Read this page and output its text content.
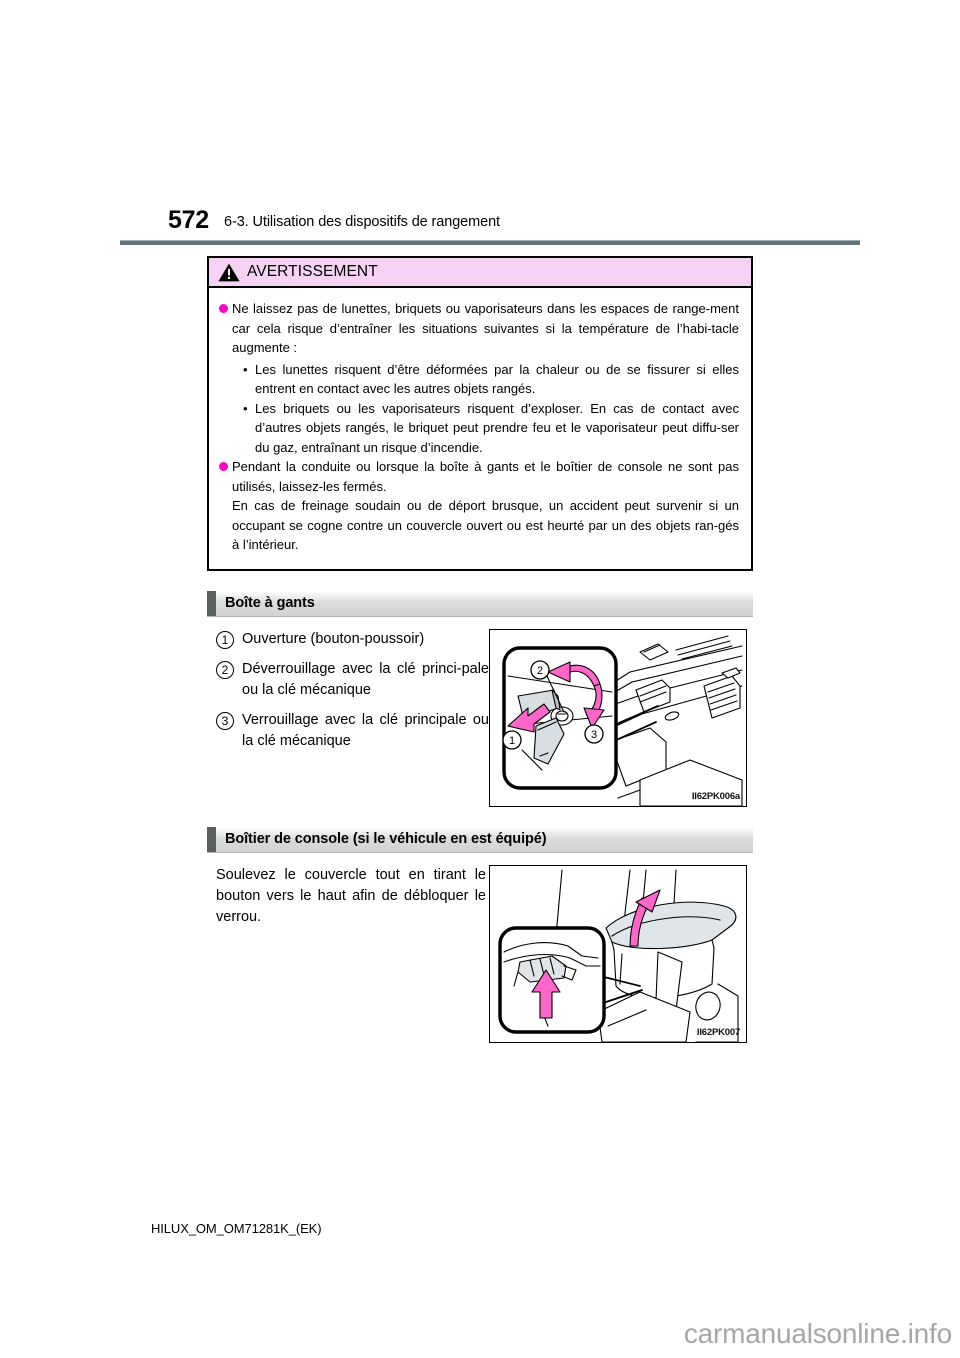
572 6-3. Utilisation des dispositifs de rangement
AVERTISSEMENT
Ne laissez pas de lunettes, briquets ou vaporisateurs dans les espaces de range-ment car cela risque d’entraîner les situations suivantes si la température de l’habi-tacle augmente :
• Les lunettes risquent d’être déformées par la chaleur ou de se fissurer si elles entrent en contact avec les autres objets rangés.
• Les briquets ou les vaporisateurs risquent d’exploser. En cas de contact avec d’autres objets rangés, le briquet peut prendre feu et le vaporisateur peut diffu-ser du gaz, entraînant un risque d’incendie.
Pendant la conduite ou lorsque la boîte à gants et le boîtier de console ne sont pas utilisés, laissez-les fermés.
En cas de freinage soudain ou de déport brusque, un accident peut survenir si un occupant se cogne contre un couvercle ouvert ou est heurté par un des objets ran-gés à l’intérieur.
Boîte à gants
1 Ouverture (bouton-poussoir)
2 Déverrouillage avec la clé princi-pale ou la clé mécanique
3 Verrouillage avec la clé principale ou la clé mécanique	1
2
3
II62PK006a
Boîtier de console (si le véhicule en est équipé)
Soulevez le couvercle tout en tirant le bouton vers le haut afin de débloquer le verrou.
II62PK007
HILUX_OM_OM71281K_(EK)
carmanualsonline.info
